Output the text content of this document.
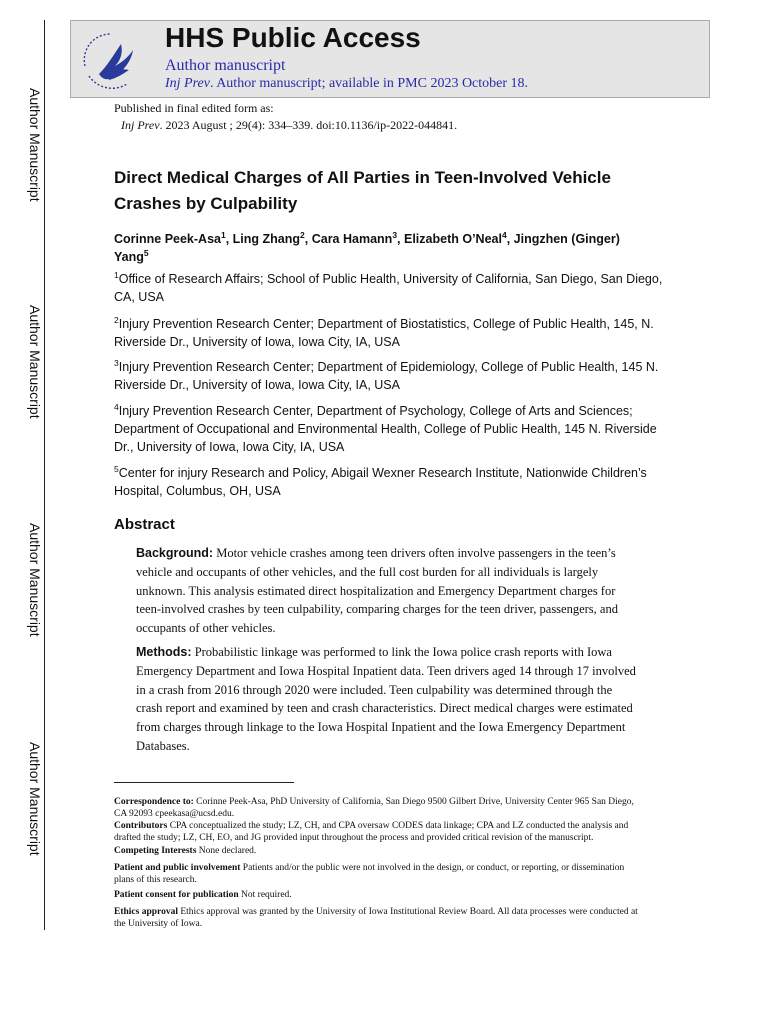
Author Manuscript
Author Manuscript
Author Manuscript
Author Manuscript
HHS Public Access
Author manuscript
Inj Prev. Author manuscript; available in PMC 2023 October 18.
Published in final edited form as:
Inj Prev. 2023 August ; 29(4): 334–339. doi:10.1136/ip-2022-044841.
Direct Medical Charges of All Parties in Teen-Involved Vehicle Crashes by Culpability
Corinne Peek-Asa$^1$, Ling Zhang$^2$, Cara Hamann$^3$, Elizabeth O’Neal$^4$, Jingzhen (Ginger) Yang$^5$
$^1$Office of Research Affairs; School of Public Health, University of California, San Diego, San Diego, CA, USA
$^2$Injury Prevention Research Center; Department of Biostatistics, College of Public Health, 145, N. Riverside Dr., University of Iowa, Iowa City, IA, USA
$^3$Injury Prevention Research Center; Department of Epidemiology, College of Public Health, 145 N. Riverside Dr., University of Iowa, Iowa City, IA, USA
$^4$Injury Prevention Research Center, Department of Psychology, College of Arts and Sciences; Department of Occupational and Environmental Health, College of Public Health, 145 N. Riverside Dr., University of Iowa, Iowa City, IA, USA
$^5$Center for injury Research and Policy, Abigail Wexner Research Institute, Nationwide Children’s Hospital, Columbus, OH, USA
Abstract
Background: Motor vehicle crashes among teen drivers often involve passengers in the teen’s vehicle and occupants of other vehicles, and the full cost burden for all individuals is largely unknown. This analysis estimated direct hospitalization and Emergency Department charges for teen-involved crashes by teen culpability, comparing charges for the teen driver, passengers, and occupants of other vehicles.
Methods: Probabilistic linkage was performed to link the Iowa police crash reports with Iowa Emergency Department and Iowa Hospital Inpatient data. Teen drivers aged 14 through 17 involved in a crash from 2016 through 2020 were included. Teen culpability was determined through the crash report and examined by teen and crash characteristics. Direct medical charges were estimated from charges through linkage to the Iowa Hospital Inpatient and the Iowa Emergency Department Databases.
Correspondence to: Corinne Peek-Asa, PhD University of California, San Diego 9500 Gilbert Drive, University Center 965 San Diego, CA 92093 cpeekasa@ucsd.edu.
Contributors CPA conceptualized the study; LZ, CH, and CPA oversaw CODES data linkage; CPA and LZ conducted the analysis and drafted the study; LZ, CH, EO, and JG provided input throughout the process and provided critical revision of the manuscript.
Competing Interests None declared.
Patient and public involvement Patients and/or the public were not involved in the design, or conduct, or reporting, or dissemination plans of this research.
Patient consent for publication Not required.
Ethics approval Ethics approval was granted by the University of Iowa Institutional Review Board. All data processes were conducted at the University of Iowa.
